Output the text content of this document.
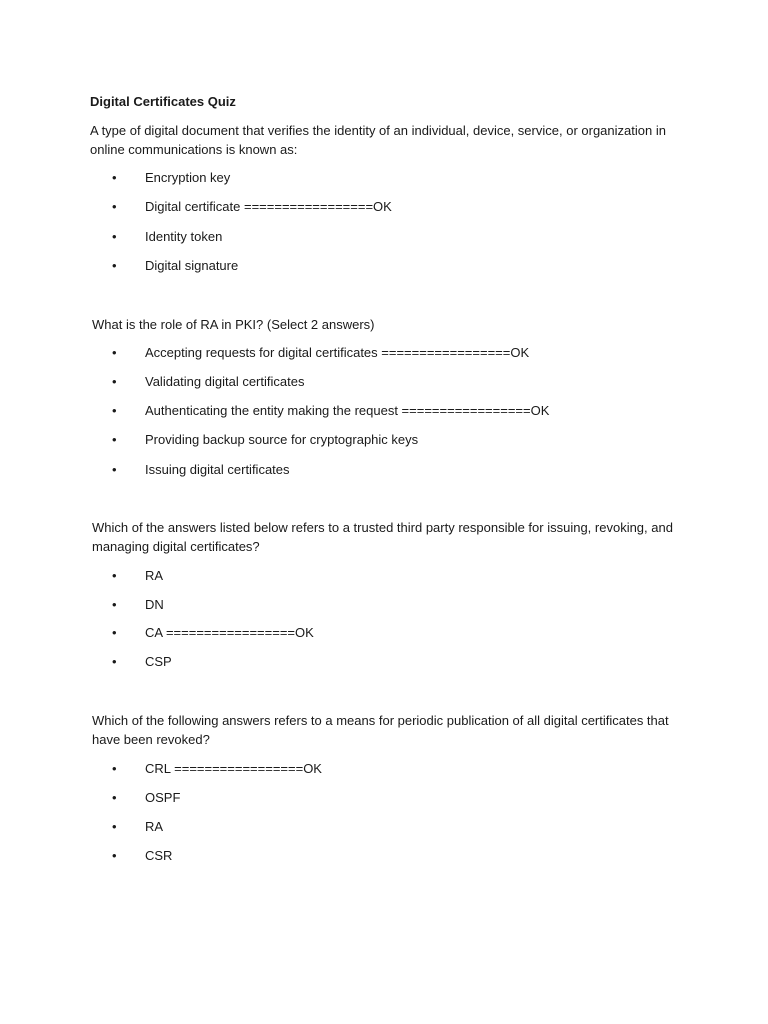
Digital Certificates Quiz
A type of digital document that verifies the identity of an individual, device, service, or organization in online communications is known as:
•	Encryption key
•	Digital certificate =================OK
•	Identity token
•	Digital signature
What is the role of RA in PKI? (Select 2 answers)
•	Accepting requests for digital certificates =================OK
•	Validating digital certificates
•	Authenticating the entity making the request =================OK
•	Providing backup source for cryptographic keys
•	Issuing digital certificates
Which of the answers listed below refers to a trusted third party responsible for issuing, revoking, and managing digital certificates?
•	RA
•	DN
•	CA =================OK
•	CSP
Which of the following answers refers to a means for periodic publication of all digital certificates that have been revoked?
•	CRL =================OK
•	OSPF
•	RA
•	CSR
